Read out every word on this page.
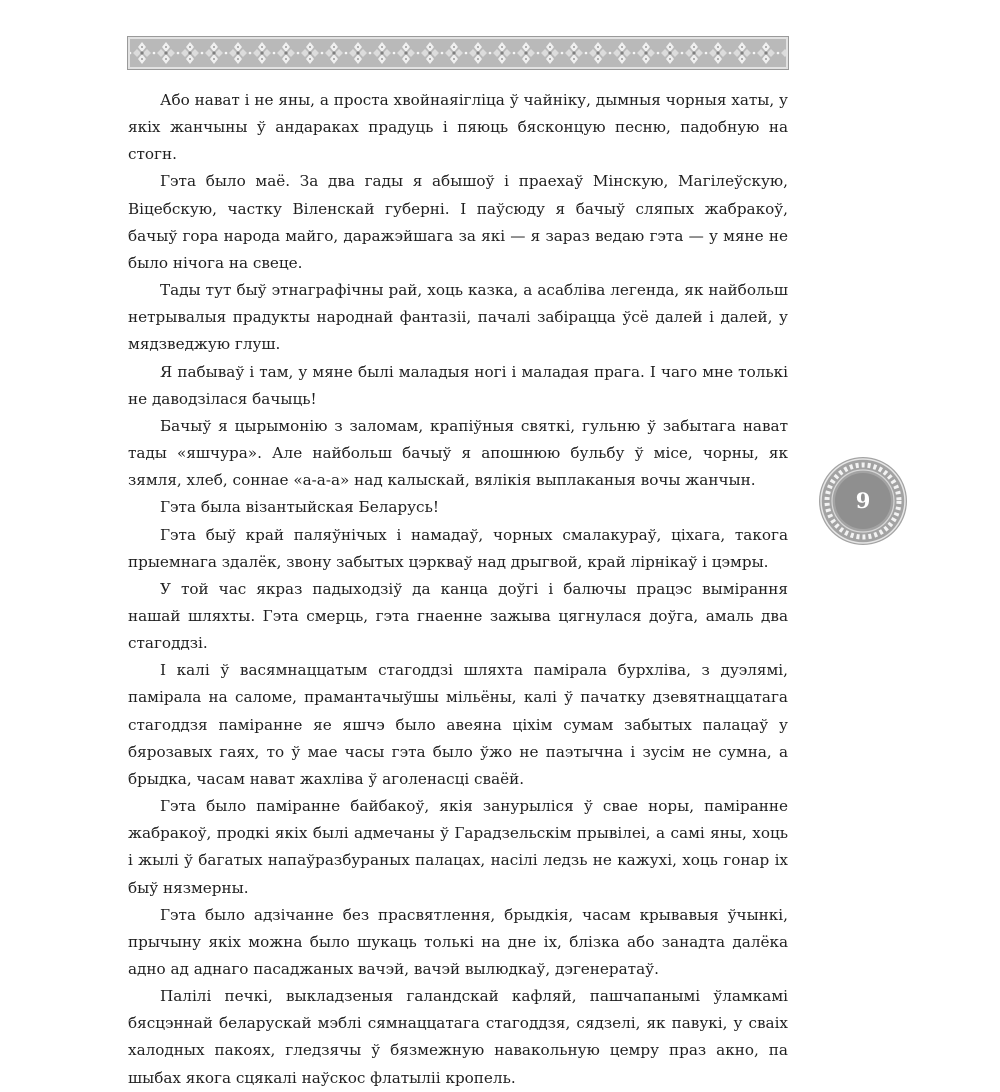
Або нават і не яны, а проста хвойнаяігліца ў чайніку, дымныя чорныя хаты, у якіх жанчыны ў андараках прадуць і пяюць бясконцую песню, падобную на стогн.

Гэта было маё. За два гады я абышоў і праехаў Мінскую, Магілеўскую, Віцебскую, частку Віленскай губерні. І паўсюду я бачыў сляпых жабракоў, бачыў гора народа майго, даражэйшага за які — я зараз ведаю гэта — у мяне не было нічога на свеце.

Тады тут быў этнаграфічны рай, хоць казка, а асабліва легенда, як найбольш нетрывалыя прадукты народнай фантазіі, пачалі забірацца ўсё далей і далей, у мядзведжую глуш.

Я пабываў і там, у мяне былі маладыя ногі і маладая прага. І чаго мне толькі не даводзілася бачыць!

Бачыў я цырымонію з заломам, крапіўныя святкі, гульню ў забытага нават тады «яшчура». Але найбольш бачыў я апошнюю бульбу ў місе, чорны, як зямля, хлеб, соннае «а-а-а» над калыскай, вялікія выплаканыя вочы жанчын.

Гэта была візантыйская Беларусь!

Гэта быў край паляўнічых і намадаў, чорных смалакураў, ціхага, такога прыемнага здалёк, звону забытых цэркваў над дрыгвой, край лірнікаў і цэмры.

У той час якраз падыходзіў да канца доўгі і балючы працэс вымірання нашай шляхты. Гэта смерць, гэта гнаенне зажыва цягнулася доўга, амаль два стагоддзі.

І калі ў васямнаццатым стагоддзі шляхта памірала бурхліва, з дуэлямі, памірала на саломе, прамантачыўшы мільёны, калі ў пачатку дзевятнаццатага стагоддзя паміранне яе яшчэ было авеяна ціхім сумам забытых палацаў у бярозавых гаях, то ў мае часы гэта было ўжо не паэтычна і зусім не сумна, а брыдка, часам нават жахліва ў аголенасці сваёй.

Гэта было паміранне байбакоў, якія занурыліся ў свае норы, паміранне жабракоў, продкі якіх былі адмечаны ў Гарадзельскім прывілеі, а самі яны, хоць і жылі ў багатых напаўразбураных палацах, насілі ледзь не кажухі, хоць гонар іх быў нязмерны.

Гэта было адзічанне без прасвятлення, брыдкія, часам крывавыя ўчынкі, прычыну якіх можна было шукаць толькі на дне іх, блізка або занадта далёка адно ад аднаго пасаджаных вачэй, вачэй вылюдкаў, дэгенератаў.

Палілі печкі, выкладзеныя галандскай кафляй, пашчапанымі ўламкамі бясцэннай беларускай мэблі сямнаццатага стагоддзя, сядзелі, як павукі, у сваіх халодных пакоях, гледзячы ў бязмежную навакольную цемру праз акно, па шыбах якога сцякалі наўскос флатыліі кропель.

9
